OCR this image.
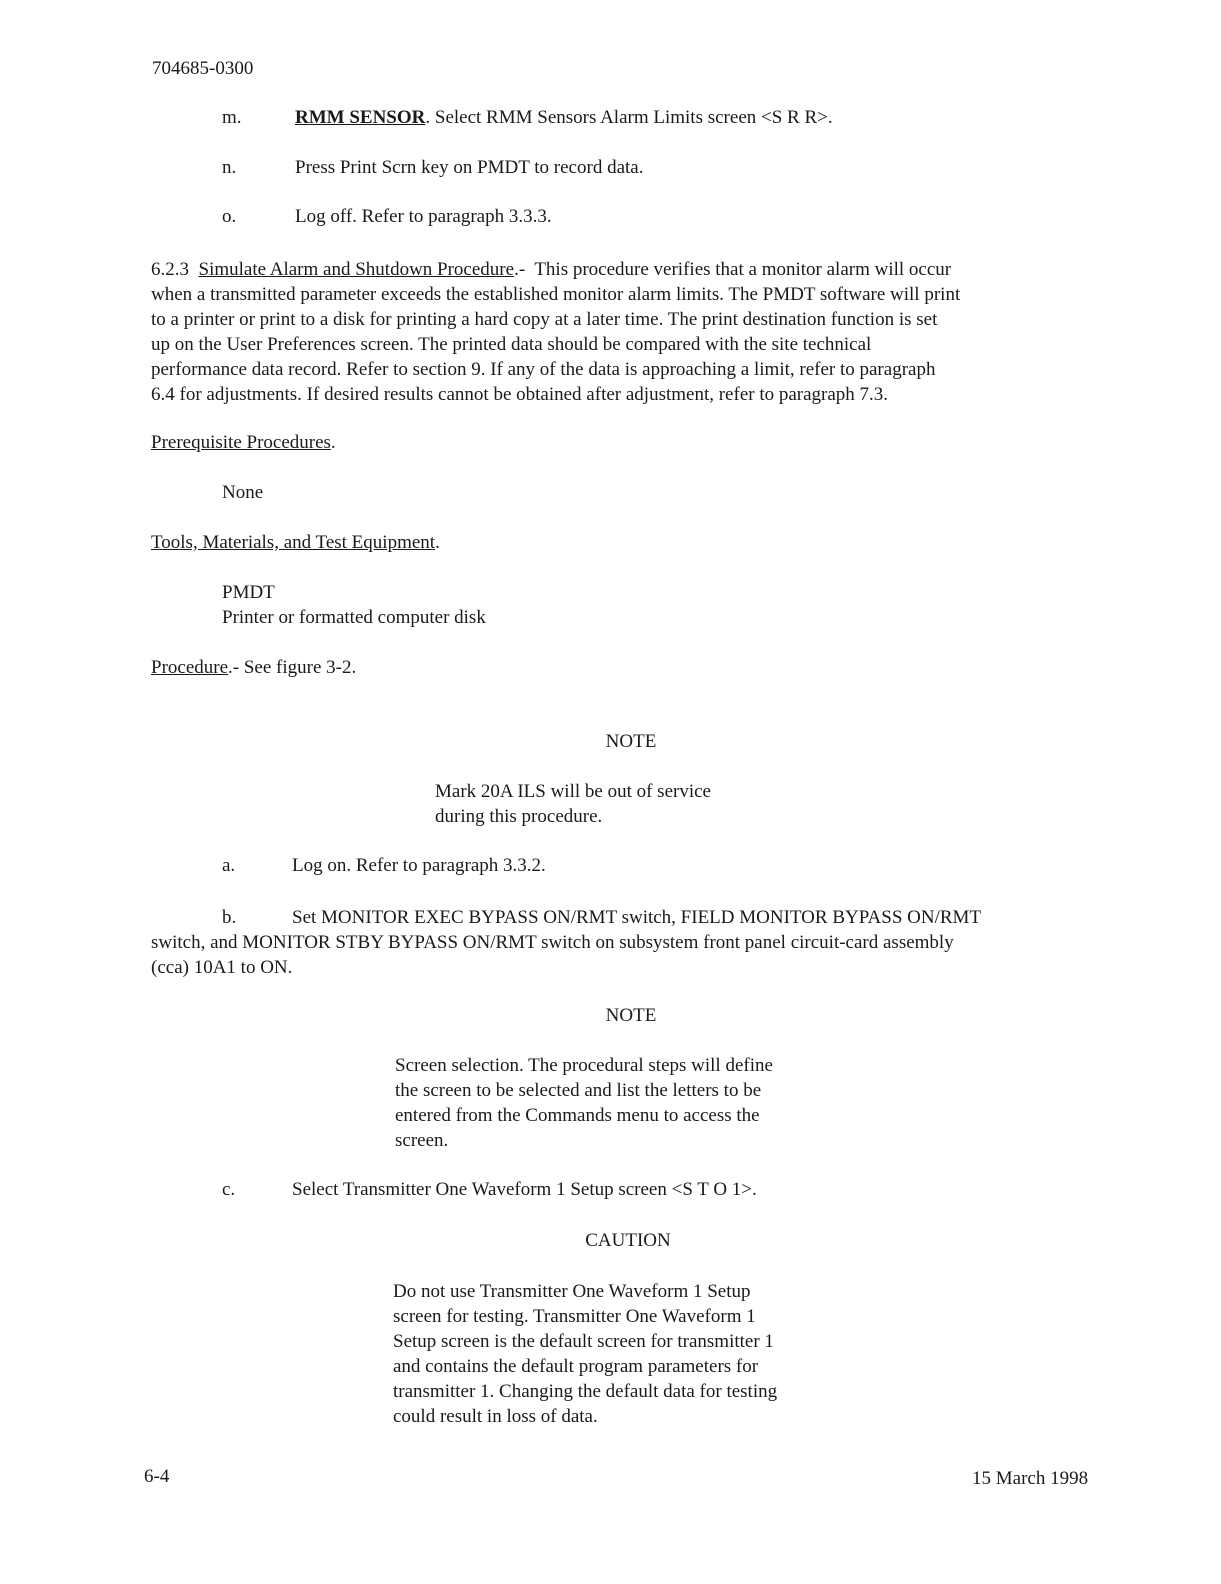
704685-0300
m.	RMM SENSOR. Select RMM Sensors Alarm Limits screen <S R R>.
n.	Press Print Scrn key on PMDT to record data.
o.	Log off. Refer to paragraph 3.3.3.
6.2.3 Simulate Alarm and Shutdown Procedure.- This procedure verifies that a monitor alarm will occur
when a transmitted parameter exceeds the established monitor alarm limits. The PMDT software will print
to a printer or print to a disk for printing a hard copy at a later time. The print destination function is set
up on the User Preferences screen. The printed data should be compared with the site technical
performance data record. Refer to section 9. If any of the data is approaching a limit, refer to paragraph
6.4 for adjustments. If desired results cannot be obtained after adjustment, refer to paragraph 7.3.
Prerequisite Procedures.
None
Tools, Materials, and Test Equipment.
PMDT
Printer or formatted computer disk
Procedure.- See figure 3-2.
NOTE
Mark 20A ILS will be out of service
during this procedure.
a.	Log on. Refer to paragraph 3.3.2.
b.	Set MONITOR EXEC BYPASS ON/RMT switch, FIELD MONITOR BYPASS ON/RMT
switch, and MONITOR STBY BYPASS ON/RMT switch on subsystem front panel circuit-card assembly
(cca) 10A1 to ON.
NOTE
Screen selection. The procedural steps will define
the screen to be selected and list the letters to be
entered from the Commands menu to access the
screen.
c.	Select Transmitter One Waveform 1 Setup screen <S T O 1>.
CAUTION
Do not use Transmitter One Waveform 1 Setup
screen for testing. Transmitter One Waveform 1
Setup screen is the default screen for transmitter 1
and contains the default program parameters for
transmitter 1. Changing the default data for testing
could result in loss of data.
6-4	15 March 1998
